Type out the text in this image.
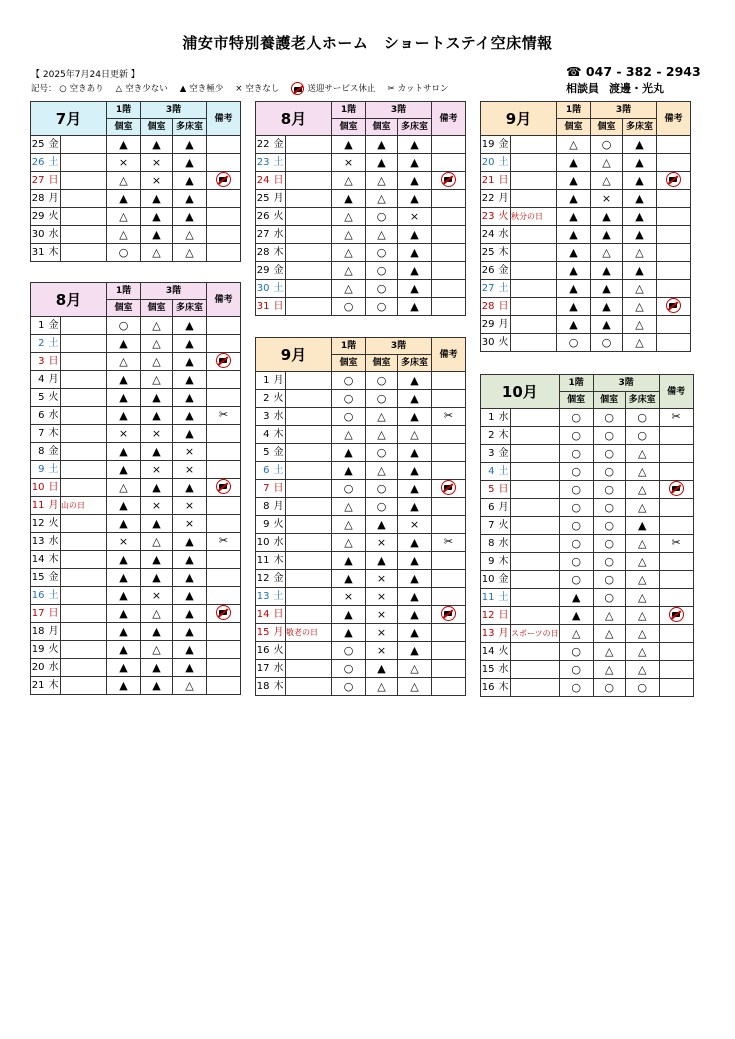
浦安市特別養護老人ホーム　ショートステイ空床情報
【 2025年7月24日更新 】
記号： ○ 空きあり △ 空き少ない ▲ 空き極少 × 空きなし	送迎サービス休止 ✂ カットサロン
☎ 047 - 382 - 2943
相談員 渡邊・光丸
7月			1階	3階		備考
			個室	個室	多床室	
25	金		▲	▲	▲	
26	土		×	×	▲	
27	日		△	×	▲	
28	月		▲	▲	▲	
29	火		△	▲	▲	
30	水		△	▲	△	
31	木		○	△	△	
8月			1階	3階		備考
			個室	個室	多床室	
1	金		○	△	▲	
2	土		▲	△	▲	
3	日		△	△	▲	
4	月		▲	△	▲	
5	火		▲	▲	▲	
6	水		▲	▲	▲	✂
7	木		×	×	▲	
8	金		▲	▲	×	
9	土		▲	×	×	
10	日		△	▲	▲	
11	月	山の日	▲	×	×	
12	火		▲	▲	×	
13	水		×	△	▲	✂
14	木		▲	▲	▲	
15	金		▲	▲	▲	
16	土		▲	×	▲	
17	日		▲	△	▲	
18	月		▲	▲	▲	
19	火		▲	△	▲	
20	水		▲	▲	▲	
21	木		▲	▲	△	
8月			1階	3階		備考
			個室	個室	多床室	
22	金		▲	▲	▲	
23	土		×	▲	▲	
24	日		△	△	▲	
25	月		▲	△	▲	
26	火		△	○	×	
27	水		△	△	▲	
28	木		△	○	▲	
29	金		△	○	▲	
30	土		△	○	▲	
31	日		○	○	▲	
9月			1階	3階		備考
			個室	個室	多床室	
1	月		○	○	▲	
2	火		○	○	▲	
3	水		○	△	▲	✂
4	木		△	△	△	
5	金		▲	○	▲	
6	土		▲	△	▲	
7	日		○	○	▲	
8	月		△	○	▲	
9	火		△	▲	×	
10	水		△	×	▲	✂
11	木		▲	▲	▲	
12	金		▲	×	▲	
13	土		×	×	▲	
14	日		▲	×	▲	
15	月	敬老の日	▲	×	▲	
16	火		○	×	▲	
17	水		○	▲	△	
18	木		○	△	△	
9月			1階	3階		備考
			個室	個室	多床室	
19	金		△	○	▲	
20	土		▲	△	▲	
21	日		▲	△	▲	
22	月		▲	×	▲	
23	火	秋分の日	▲	▲	▲	
24	水		▲	▲	▲	
25	木		▲	△	△	
26	金		▲	▲	▲	
27	土		▲	▲	△	
28	日		▲	▲	△	
29	月		▲	▲	△	
30	火		○	○	△	
10月			1階	3階		備考
			個室	個室	多床室	
1	水		○	○	○	✂
2	木		○	○	○	
3	金		○	○	△	
4	土		○	○	△	
5	日		○	○	△	
6	月		○	○	△	
7	火		○	○	▲	
8	水		○	○	△	✂
9	木		○	○	△	
10	金		○	○	△	
11	土		▲	○	△	
12	日		▲	△	△	
13	月	スポーツの日	△	△	△	
14	火		○	△	△	
15	水		○	△	△	
16	木		○	○	○	
